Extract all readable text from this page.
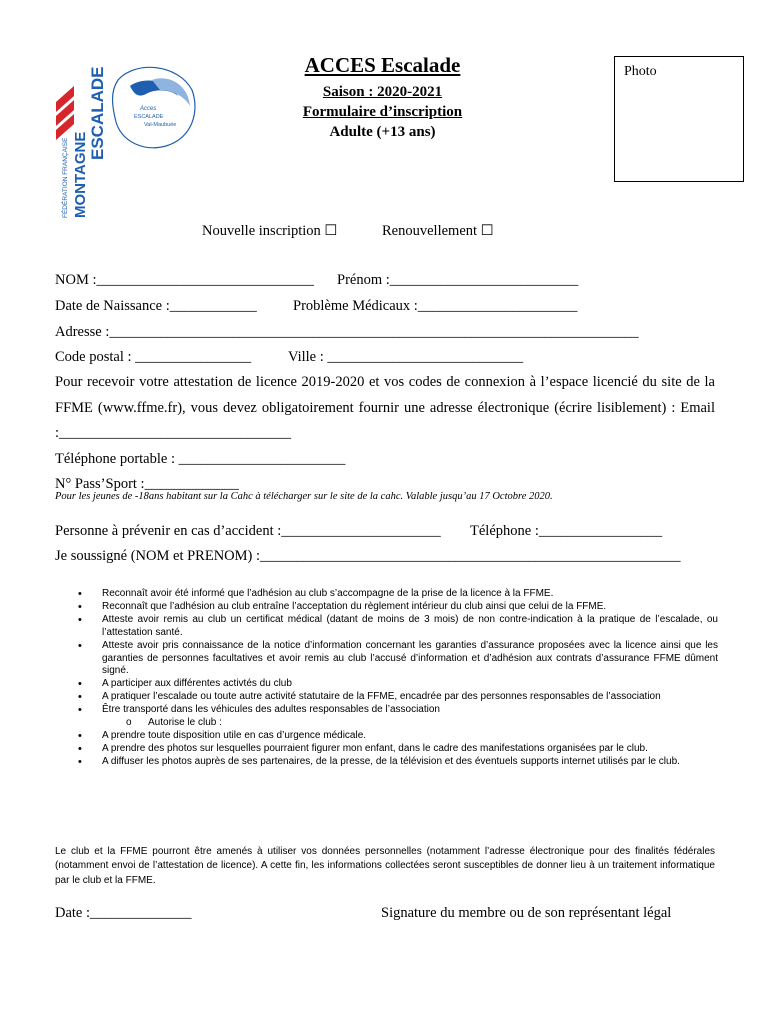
FÉDÉRATION FRANÇAISE MONTAGNE
ESCALADE	Acces
ESCALADE
Val-Maubuée
ACCES Escalade
Saison : 2020-2021
Formulaire d’inscription
Adulte (+13 ans)
Photo
Nouvelle inscription ☐	Renouvellement ☐
NOM :______________________________ Prénom :__________________________
Date de Naissance :____________	Problème Médicaux :______________________
Adresse :_________________________________________________________________________
Code postal : ________________	Ville : ___________________________
Pour recevoir votre attestation de licence 2019-2020 et vos codes de connexion à l’espace licencié du site de la FFME (www.ffme.fr), vous devez obligatoirement fournir une adresse électronique (écrire lisiblement) : Email :________________________________
Téléphone portable : _______________________
N° Pass’Sport :_____________
Pour les jeunes de -18ans habitant sur la Cahc à télécharger sur le site de la cahc. Valable jusqu’au 17 Octobre 2020.
Personne à prévenir en cas d’accident :______________________ Téléphone :_________________
Je soussigné (NOM et PRENOM) :__________________________________________________________
• Reconnaît avoir été informé que l’adhésion au club s’accompagne de la prise de la licence à la FFME.
• Reconnaît que l’adhésion au club entraîne l’acceptation du règlement intérieur du club ainsi que celui de la FFME.
• Atteste avoir remis au club un certificat médical (datant de moins de 3 mois) de non contre-indication à la pratique de l’escalade, ou l’attestation santé.
• Atteste avoir pris connaissance de la notice d’information concernant les garanties d’assurance proposées avec la licence ainsi que les garanties de personnes facultatives et avoir remis au club l’accusé d’information et d’adhésion aux contrats d’assurance FFME dûment signé.
• A participer aux différentes activtés du club
• A pratiquer l’escalade ou toute autre activité statutaire de la FFME, encadrée par des personnes responsables de l’association
• Être transporté dans les véhicules des adultes responsables de l’association
o Autorise le club :
• A prendre toute disposition utile en cas d’urgence médicale.
• A prendre des photos sur lesquelles pourraient figurer mon enfant, dans le cadre des manifestations organisées par le club.
• A diffuser les photos auprès de ses partenaires, de la presse, de la télévision et des éventuels supports internet utilisés par le club.
Le club et la FFME pourront être amenés à utiliser vos données personnelles (notamment l’adresse électronique pour des finalités fédérales (notamment envoi de l’attestation de licence). A cette fin, les informations collectées seront susceptibles de donner lieu à un traitement informatique par le club et la FFME.
Date :______________	Signature du membre ou de son représentant légal
